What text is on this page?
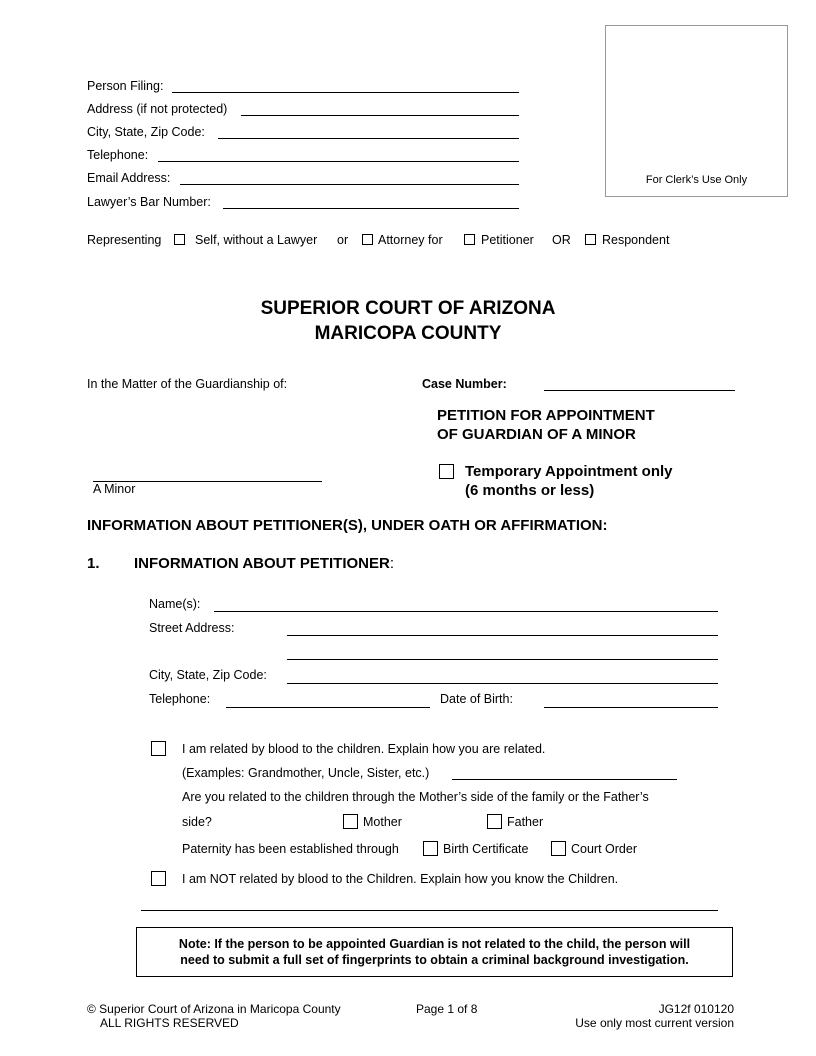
Person Filing:
Address (if not protected)
City, State, Zip Code:
Telephone:
Email Address:
Lawyer’s Bar Number:
For Clerk’s Use Only
Representing	Self, without a Lawyer or Attorney for	Petitioner OR	Respondent
SUPERIOR COURT OF ARIZONA
MARICOPA COUNTY
In the Matter of the Guardianship of:	Case Number:
PETITION FOR APPOINTMENT
OF GUARDIAN OF A MINOR
A Minor
Temporary Appointment only
(6 months or less)
INFORMATION ABOUT PETITIONER(S), UNDER OATH OR AFFIRMATION:
1. INFORMATION ABOUT PETITIONER:
Name(s):
Street Address:
City, State, Zip Code:
Telephone:	Date of Birth:
I am related by blood to the children. Explain how you are related.
(Examples: Grandmother, Uncle, Sister, etc.)
Are you related to the children through the Mother’s side of the family or the Father’s
side?	Mother	Father
Paternity has been established through	Birth Certificate	Court Order
I am NOT related by blood to the Children. Explain how you know the Children.
Note: If the person to be appointed Guardian is not related to the child, the person will
need to submit a full set of fingerprints to obtain a criminal background investigation.
© Superior Court of Arizona in Maricopa County
ALL RIGHTS RESERVED
Page 1 of 8	JG12f 010120
Use only most current version
